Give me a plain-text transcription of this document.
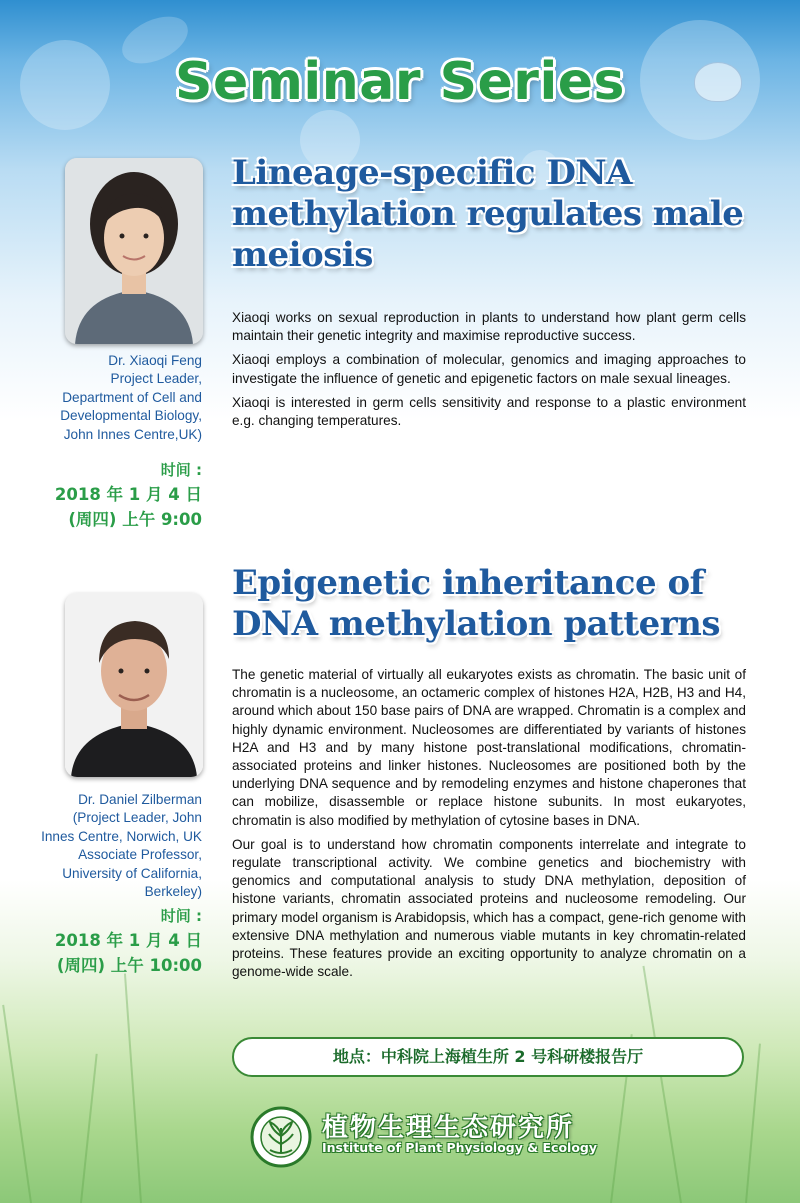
Seminar Series
Lineage-specific DNA methylation regulates male meiosis

Xiaoqi works on sexual reproduction in plants to understand how plant germ cells maintain their genetic integrity and maximise reproductive success.

Xiaoqi employs a combination of molecular, genomics and imaging approaches to investigate the influence of genetic and epigenetic factors on male sexual lineages.

Xiaoqi is interested in germ cells sensitivity and response to a plastic environment e.g. changing temperatures.

Dr. Xiaoqi Feng
Project Leader,
Department of Cell and
Developmental Biology,
John Innes Centre,UK)
时间 :
2018 年 1 月 4 日
(周四) 上午 9:00
Epigenetic inheritance of DNA methylation patterns

The genetic material of virtually all eukaryotes exists as chromatin. The basic unit of chromatin is a nucleosome, an octameric complex of histones H2A, H2B, H3 and H4, around which about 150 base pairs of DNA are wrapped. Chromatin is a complex and highly dynamic environment. Nucleosomes are differentiated by variants of histones H2A and H3 and by many histone post-translational modifications, chromatin-associated proteins and linker histones. Nucleosomes are positioned both by the underlying DNA sequence and by remodeling enzymes and histone chaperones that can mobilize, disassemble or replace histone subunits. In most eukaryotes, chromatin is also modified by methylation of cytosine bases in DNA.

Our goal is to understand how chromatin components interrelate and integrate to regulate transcriptional activity. We combine genetics and biochemistry with genomics and computational analysis to study DNA methylation, deposition of histone variants, chromatin associated proteins and nucleosome remodeling. Our primary model organism is Arabidopsis, which has a compact, gene-rich genome with extensive DNA methylation and numerous viable mutants in key chromatin-related proteins. These features provide an exciting opportunity to analyze chromatin on a genome-wide scale.

Dr. Daniel Zilberman
(Project Leader, John
Innes Centre, Norwich, UK
Associate Professor,
University of California,
Berkeley)
时间 :
2018 年 1 月 4 日
(周四) 上午 10:00
地点：中科院上海植生所 2 号科研楼报告厅
植物生理生态研究所
Institute of Plant Physiology & Ecology
